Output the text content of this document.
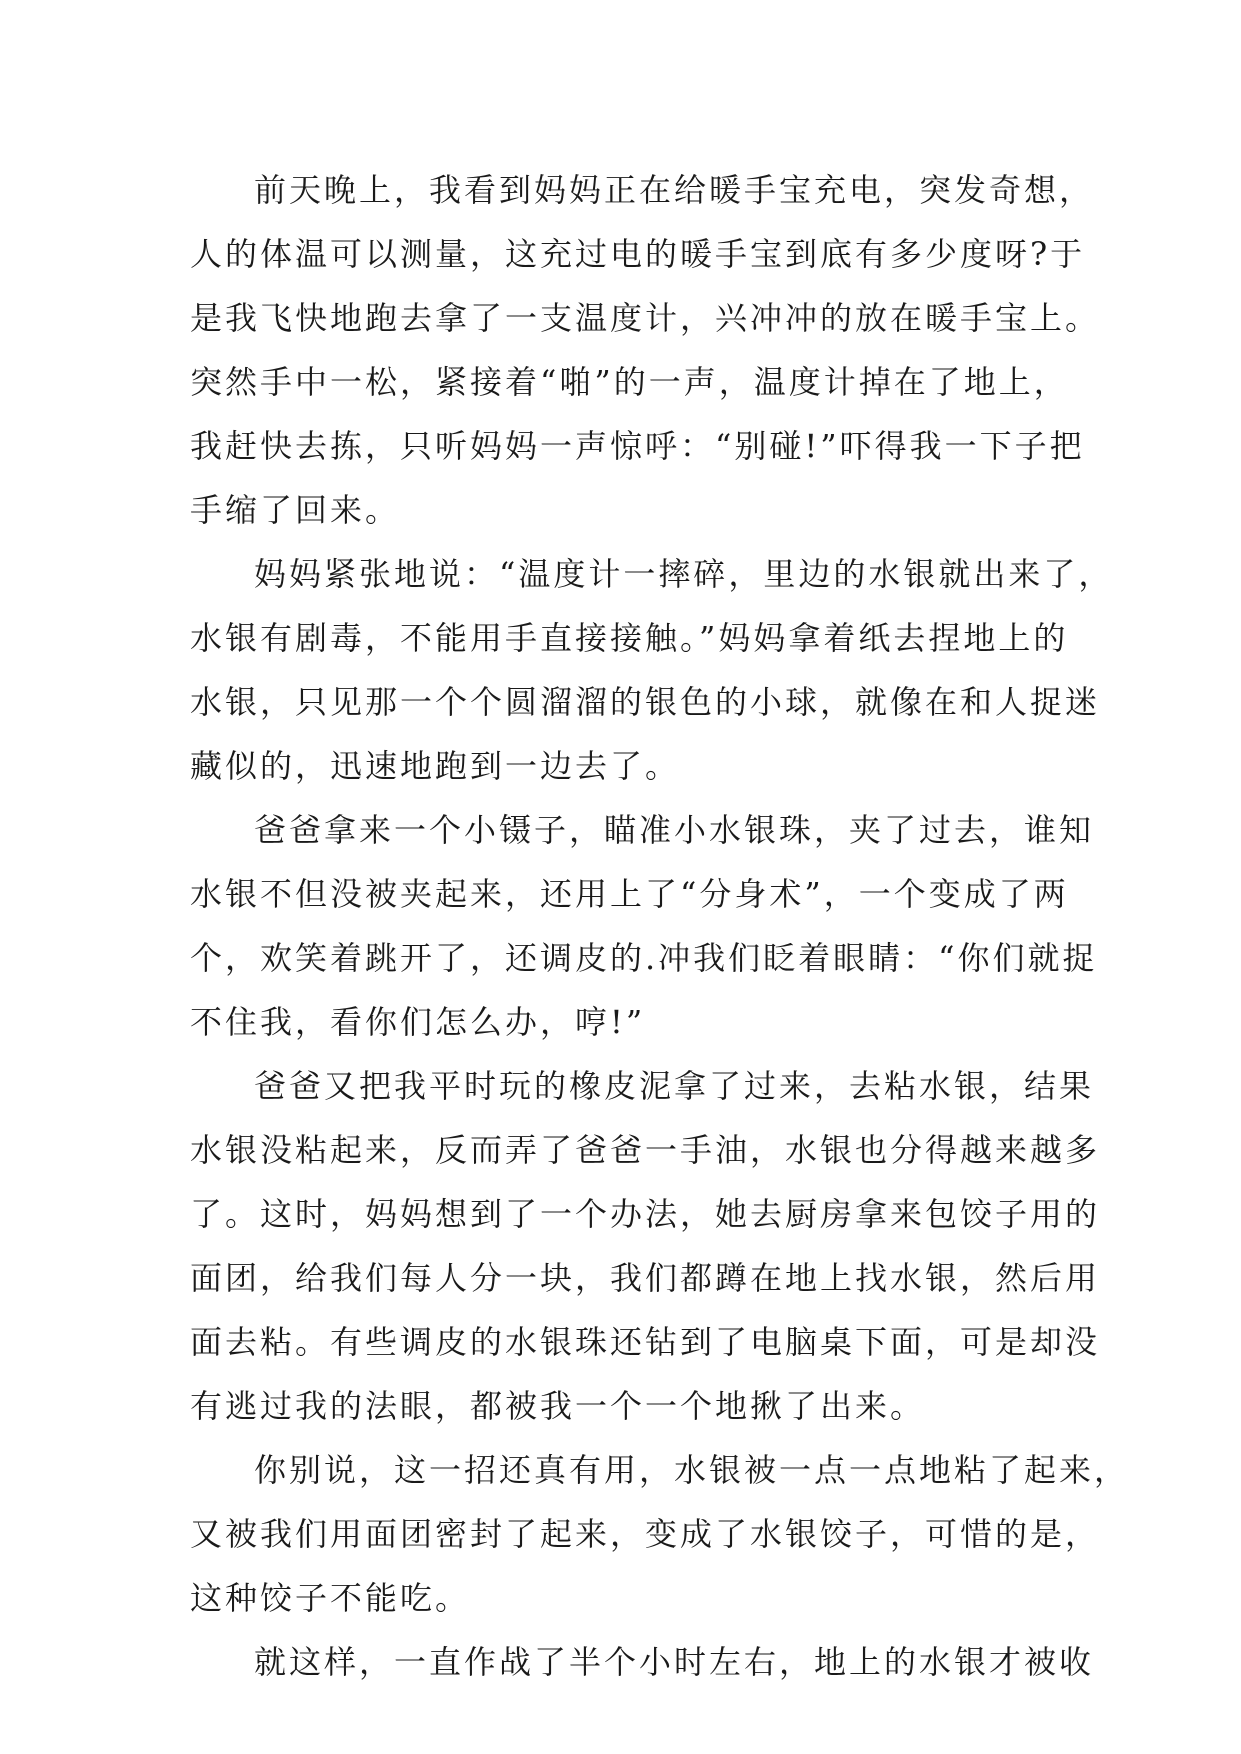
前天晚上，我看到妈妈正在给暖手宝充电，突发奇想，
人的体温可以测量，这充过电的暖手宝到底有多少度呀?于
是我飞快地跑去拿了一支温度计，兴冲冲的放在暖手宝上。
突然手中一松，紧接着“啪”的一声，温度计掉在了地上，
我赶快去拣，只听妈妈一声惊呼：“别碰!”吓得我一下子把
手缩了回来。
妈妈紧张地说：“温度计一摔碎，里边的水银就出来了，
水银有剧毒，不能用手直接接触。”妈妈拿着纸去捏地上的
水银，只见那一个个圆溜溜的银色的小球，就像在和人捉迷
藏似的，迅速地跑到一边去了。
爸爸拿来一个小镊子，瞄准小水银珠，夹了过去，谁知
水银不但没被夹起来，还用上了“分身术”，一个变成了两
个，欢笑着跳开了，还调皮的.冲我们眨着眼睛：“你们就捉
不住我，看你们怎么办，哼!”
爸爸又把我平时玩的橡皮泥拿了过来，去粘水银，结果
水银没粘起来，反而弄了爸爸一手油，水银也分得越来越多
了。这时，妈妈想到了一个办法，她去厨房拿来包饺子用的
面团，给我们每人分一块，我们都蹲在地上找水银，然后用
面去粘。有些调皮的水银珠还钻到了电脑桌下面，可是却没
有逃过我的法眼，都被我一个一个地揪了出来。
你别说，这一招还真有用，水银被一点一点地粘了起来，
又被我们用面团密封了起来，变成了水银饺子，可惜的是，
这种饺子不能吃。
就这样，一直作战了半个小时左右，地上的水银才被收
